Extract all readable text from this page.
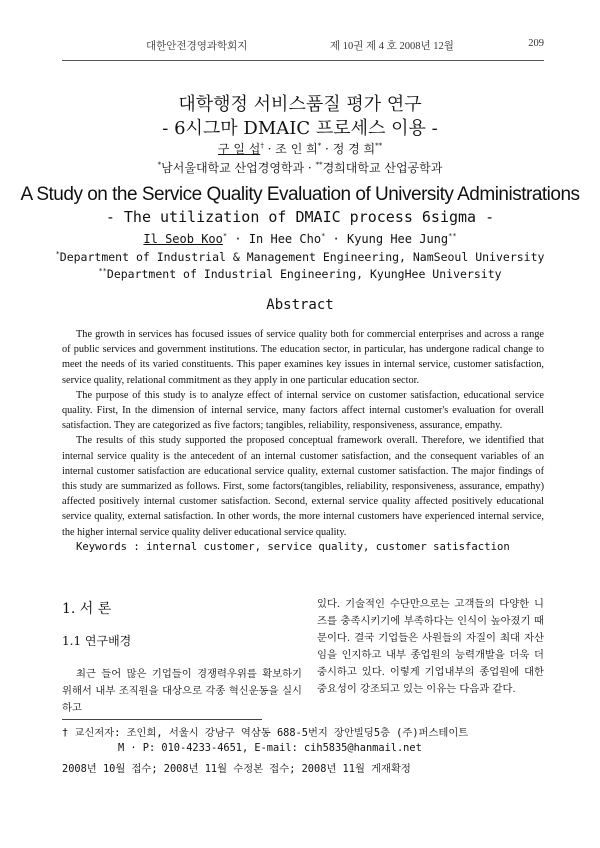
대한안전경영과학회지	제 10권 제 4 호 2008년 12월	209
대학행정 서비스품질 평가 연구
- 6시그마 DMAIC 프로세스 이용 -
구 일 섭† · 조 인 희* · 정 경 희**
*남서울대학교 산업경영학과 · **경희대학교 산업공학과
A Study on the Service Quality Evaluation of University Administrations
- The utilization of DMAIC process 6sigma -
Il Seob Koo* · In Hee Cho* · Kyung Hee Jung**
*Department of Industrial & Management Engineering, NamSeoul University
**Department of Industrial Engineering, KyungHee University
Abstract

The growth in services has focused issues of service quality both for commercial enterprises and across a range of public services and government institutions. The education sector, in particular, has undergone radical change to meet the needs of its varied constituents. This paper examines key issues in internal service, customer satisfaction, service quality, relational commitment as they apply in one particular education sector.

The purpose of this study is to analyze effect of internal service on customer satisfaction, educational service quality. First, In the dimension of internal service, many factors affect internal customer's evaluation for overall satisfaction. They are categorized as five factors; tangibles, reliability, responsiveness, assurance, empathy.

The results of this study supported the proposed conceptual framework overall. Therefore, we identified that internal service quality is the antecedent of an internal customer satisfaction, and the consequent variables of an internal customer satisfaction are educational service quality, external customer satisfaction. The major findings of this study are summarized as follows. First, some factors(tangibles, reliability, responsiveness, assurance, empathy) affected positively internal customer satisfaction. Second, external service quality affected positively educational service quality, external satisfaction. In other words, the more internal customers have experienced internal service, the higher internal service quality deliver educational service quality.

Keywords : internal customer, service quality, customer satisfaction

1. 서 론
1.1 연구배경

최근 들어 많은 기업들이 경쟁력우위를 확보하기 위해서 내부 조직원을 대상으로 각종 혁신운동을 실시하고

있다. 기술적인 수단만으로는 고객들의 다양한 니즈를 충족시키기에 부족하다는 인식이 높아졌기 때문이다. 결국 기업들은 사원들의 자질이 최대 자산임을 인지하고 내부 종업원의 능력개발을 더욱 더 중시하고 있다. 이렇게 기업내부의 종업원에 대한 중요성이 강조되고 있는 이유는 다음과 같다.
† 교신저자: 조인희, 서울시 강남구 역삼동 688-5번지 장안빌딩5층 (주)퍼스테이트
M · P: 010-4233-4651, E-mail: cih5835@hanmail.net
2008년 10월 접수; 2008년 11월 수정본 접수; 2008년 11월 게재확정
